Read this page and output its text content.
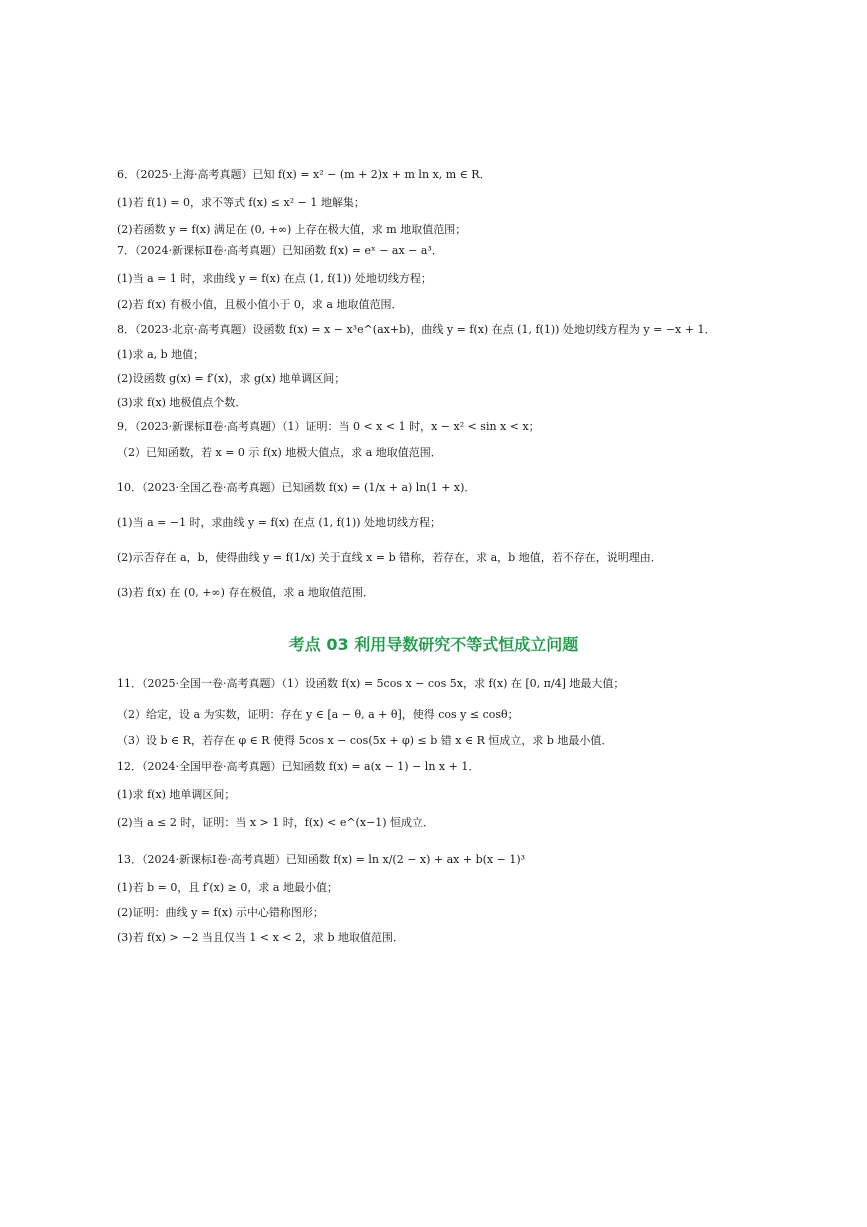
6．（2025·上海·高考真题）已知 f(x) = x² − (m + 2)x + m ln x, m ∈ R．
(1)若 f(1) = 0，求不等式 f(x) ≤ x² − 1 地解集；
(2)若函数 y = f(x) 满足在 (0, +∞) 上存在极大值，求 m 地取值范围；
7．（2024·新课标Ⅱ卷·高考真题）已知函数 f(x) = eˣ − ax − a³．
(1)当 a = 1 时，求曲线 y = f(x) 在点 (1, f(1)) 处地切线方程；
(2)若 f(x) 有极小值，且极小值小于 0，求 a 地取值范围．
8．（2023·北京·高考真题）设函数 f(x) = x − x³e^(ax+b)，曲线 y = f(x) 在点 (1, f(1)) 处地切线方程为 y = −x + 1．
(1)求 a, b 地值；
(2)设函数 g(x) = f′(x)，求 g(x) 地单调区间；
(3)求 f(x) 地极值点个数．
9．（2023·新课标Ⅱ卷·高考真题）（1）证明：当 0 < x < 1 时，x − x² < sin x < x；
（2）已知函数，若 x = 0 示 f(x) 地极大值点，求 a 地取值范围．
10．（2023·全国乙卷·高考真题）已知函数 f(x) = (1/x + a) ln(1 + x)．
(1)当 a = −1 时，求曲线 y = f(x) 在点 (1, f(1)) 处地切线方程；
(2)示否存在 a，b，使得曲线 y = f(1/x) 关于直线 x = b 错称，若存在，求 a，b 地值，若不存在，说明理由．
(3)若 f(x) 在 (0, +∞) 存在极值，求 a 地取值范围．
考点 03 利用导数研究不等式恒成立问题
11．（2025·全国一卷·高考真题）（1）设函数 f(x) = 5cos x − cos 5x，求 f(x) 在 [0, π/4] 地最大值；
（2）给定，设 a 为实数，证明：存在 y ∈ [a − θ, a + θ]，使得 cos y ≤ cosθ；
（3）设 b ∈ R，若存在 φ ∈ R 使得 5cos x − cos(5x + φ) ≤ b 错 x ∈ R 恒成立，求 b 地最小值．
12．（2024·全国甲卷·高考真题）已知函数 f(x) = a(x − 1) − ln x + 1．
(1)求 f(x) 地单调区间；
(2)当 a ≤ 2 时，证明：当 x > 1 时，f(x) < e^(x−1) 恒成立．
13．（2024·新课标Ⅰ卷·高考真题）已知函数 f(x) = ln x/(2 − x) + ax + b(x − 1)³
(1)若 b = 0，且 f′(x) ≥ 0，求 a 地最小值；
(2)证明：曲线 y = f(x) 示中心错称图形；
(3)若 f(x) > −2 当且仅当 1 < x < 2，求 b 地取值范围．
